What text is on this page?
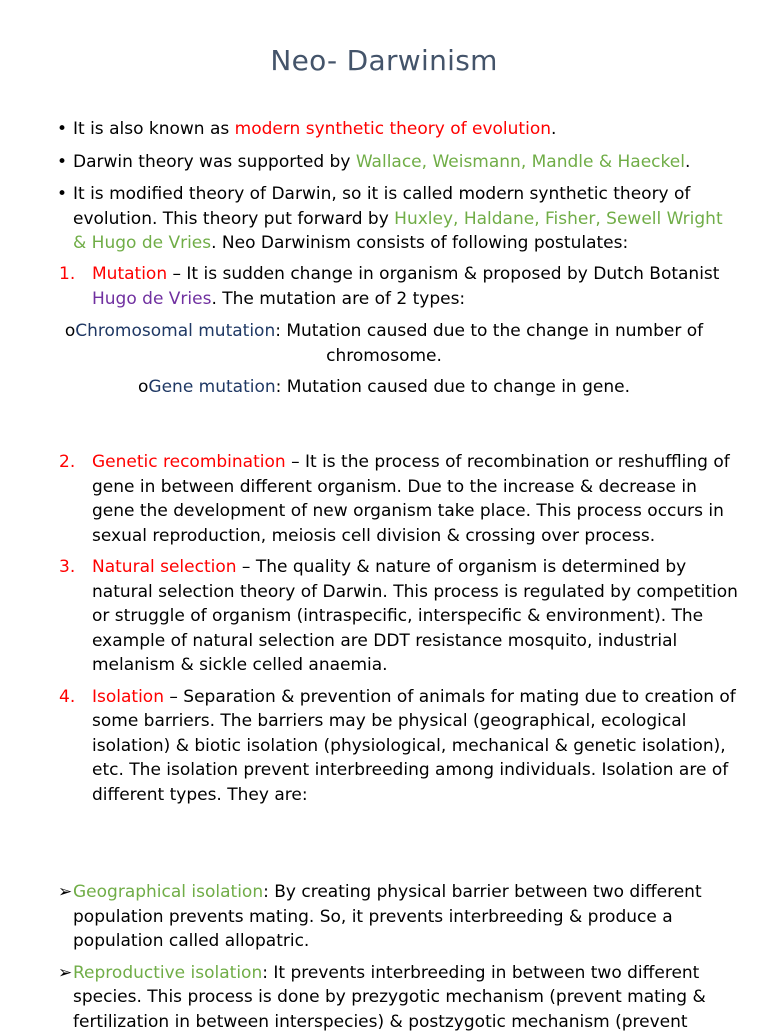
Neo- Darwinism
• It is also known as modern synthetic theory of evolution.
• Darwin theory was supported by Wallace, Weismann, Mandle & Haeckel.
• It is modified theory of Darwin, so it is called modern synthetic theory of evolution. This theory put forward by Huxley, Haldane, Fisher, Sewell Wright & Hugo de Vries. Neo Darwinism consists of following postulates:
1. Mutation – It is sudden change in organism & proposed by Dutch Botanist Hugo de Vries. The mutation are of 2 types:
oChromosomal mutation: Mutation caused due to the change in number of chromosome.
oGene mutation: Mutation caused due to change in gene.
2. Genetic recombination – It is the process of recombination or reshuffling of gene in between different organism. Due to the increase & decrease in gene the development of new organism take place. This process occurs in sexual reproduction, meiosis cell division & crossing over process.
3. Natural selection – The quality & nature of organism is determined by natural selection theory of Darwin. This process is regulated by competition or struggle of organism (intraspecific, interspecific & environment). The example of natural selection are DDT resistance mosquito, industrial melanism & sickle celled anaemia.
4. Isolation – Separation & prevention of animals for mating due to creation of some barriers. The barriers may be physical (geographical, ecological isolation) & biotic isolation (physiological, mechanical & genetic isolation), etc. The isolation prevent interbreeding among individuals. Isolation are of different types. They are:
➢ Geographical isolation: By creating physical barrier between two different population prevents mating. So, it prevents interbreeding & produce a population called allopatric.
➢ Reproductive isolation: It prevents interbreeding in between two different species. This process is done by prezygotic mechanism (prevent mating & fertilization in between interspecies) & postzygotic mechanism (prevent
